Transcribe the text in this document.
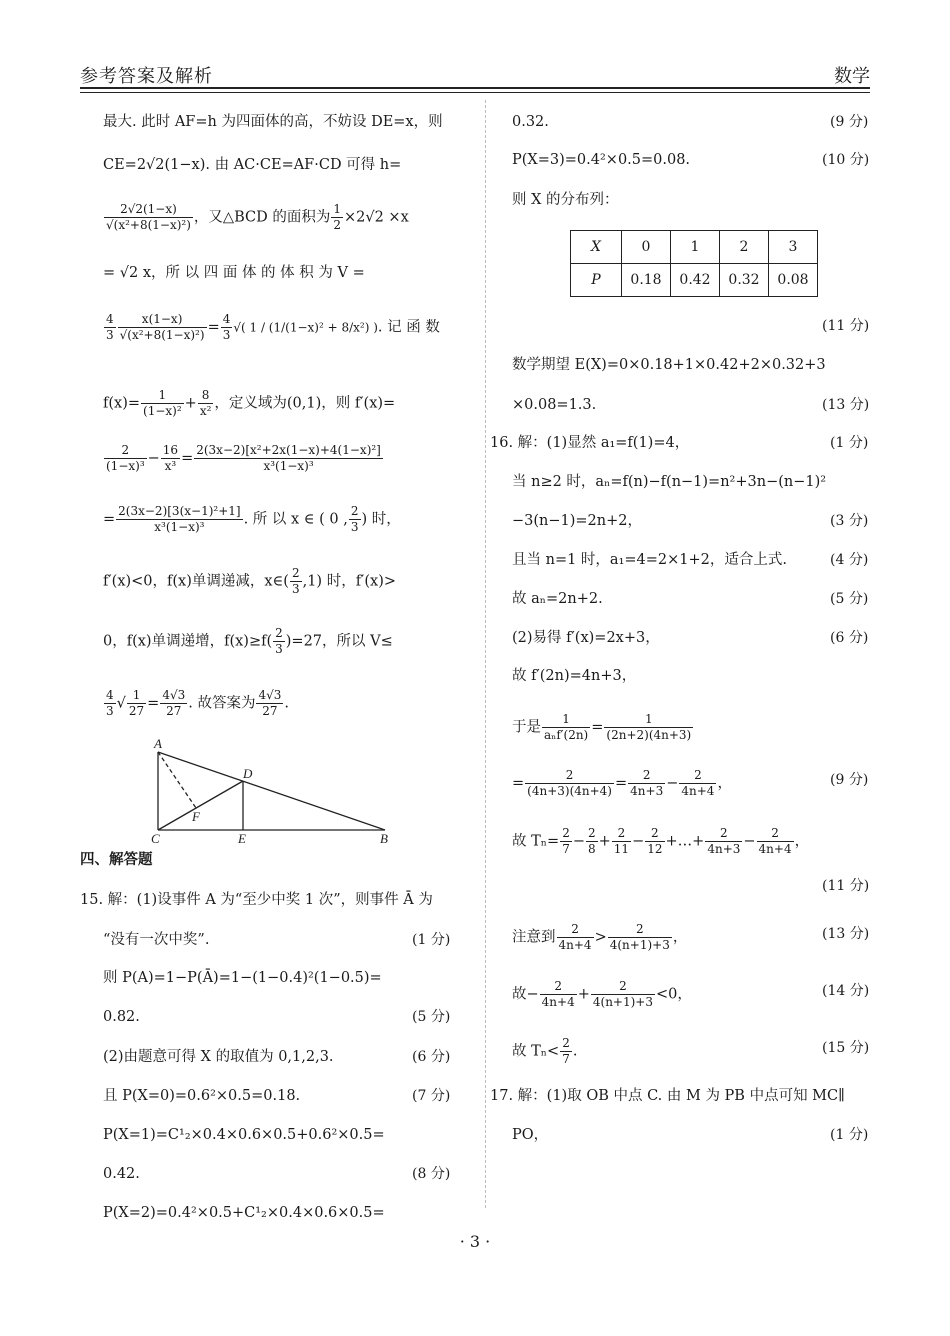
参考答案及解析	数学
最大. 此时 AF=h 为四面体的高，不妨设 DE=x，则
CE=2√2(1−x). 由 AC·CE=AF·CD 可得 h=
$\frac{2√2(1-x)}{\text{√(x²+8(1−x)²)}}$ ，又△BCD 的面积为 $\frac{1}{2} \times 2√2 \times x$
= √2 x，所 以 四 面 体 的 体 积 为 V =
$\frac{4}{3} \frac{x(1-x)}{\text{√(x²+8(1−x)²)}} = \frac{4}{3}$ √( 1 / (1/(1−x)² + 8/x²) ). 记 函 数
$f(x)= \frac{1}{\text{(1−x)²}} + \frac{8}{\text{x²}}$ ，定义域为(0,1)，则 f′(x)=
$\frac{2}{\text{(1−x)³}} - \frac{16}{\text{x³}} = \frac{\text{2(3x−2)[x²+2x(1−x)+4(1−x)²]}}{\text{x³(1−x)³}}$
= $\frac{\text{2(3x−2)[3(x−1)²+1]}}{\text{x³(1−x)³}}$ . 所 以 x ∈ ( 0 , $\frac{2}{3}$ ) 时，
f′(x)<0，f(x)单调递减，x∈( $\frac{2}{3} ,1$) 时，f′(x)>
0，f(x)单调递增，$f(x)\ge f( \frac{2}{3} )=27$，所以 V≤
$\frac{4}{3}$ √ $\frac{1}{27} = \frac{4√3}{27}$ . 故答案为 $\frac{4√3}{27}$ .
A
D
F
C	E	B
四、解答题
15. 解：(1)设事件 A 为“至少中奖 1 次”，则事件 Ā 为
“没有一次中奖”.	(1 分)
则 P(A)=1−P(Ā)=1−(1−0.4)²(1−0.5)=
0.82.	(5 分)
(2)由题意可得 X 的取值为 0,1,2,3.	(6 分)
且 P(X=0)=0.6²×0.5=0.18.	(7 分)
P(X=1)=C¹₂×0.4×0.6×0.5+0.6²×0.5=
0.42.	(8 分)
P(X=2)=0.4²×0.5+C¹₂×0.4×0.6×0.5=
0.32.	(9 分)
P(X=3)=0.4²×0.5=0.08.	(10 分)
则 X 的分布列：
X	0	1	2	3
P	0.18	0.42	0.32	0.08
(11 分)
数学期望 E(X)=0×0.18+1×0.42+2×0.32+3
×0.08=1.3.	(13 分)
16. 解：(1)显然 a₁=f(1)=4，	(1 分)
当 n≥2 时，aₙ=f(n)−f(n−1)=n²+3n−(n−1)²
−3(n−1)=2n+2，	(3 分)
且当 n=1 时，a₁=4=2×1+2，适合上式.	(4 分)
故 aₙ=2n+2.	(5 分)
(2)易得 f′(x)=2x+3，	(6 分)
故 f′(2n)=4n+3，
于是 $\frac{1}{\text{aₙf′(2n)}} = \frac{1}{(2n+2)(4n+3)}$
= $\frac{2}{(4n+3)(4n+4)} = \frac{2}{4n+3} - \frac{2}{4n+4}$ ，	(9 分)
故 $T_n= \frac{2}{7} - \frac{2}{8} + \frac{2}{11} - \frac{2}{12}$ +…+ $\frac{2}{4n+3} - \frac{2}{4n+4}$ ，
(11 分)
注意到 $\frac{2}{4n+4} > \frac{2}{4(n+1)+3}$ ，	(13 分)
故− $\frac{2}{4n+4} + \frac{2}{4(n+1)+3} <0$，	(14 分)
故 $T_n< \frac{2}{7}$ .	(15 分)
17. 解：(1)取 OB 中点 C. 由 M 为 PB 中点可知 MC∥
PO，	(1 分)
· 3 ·
